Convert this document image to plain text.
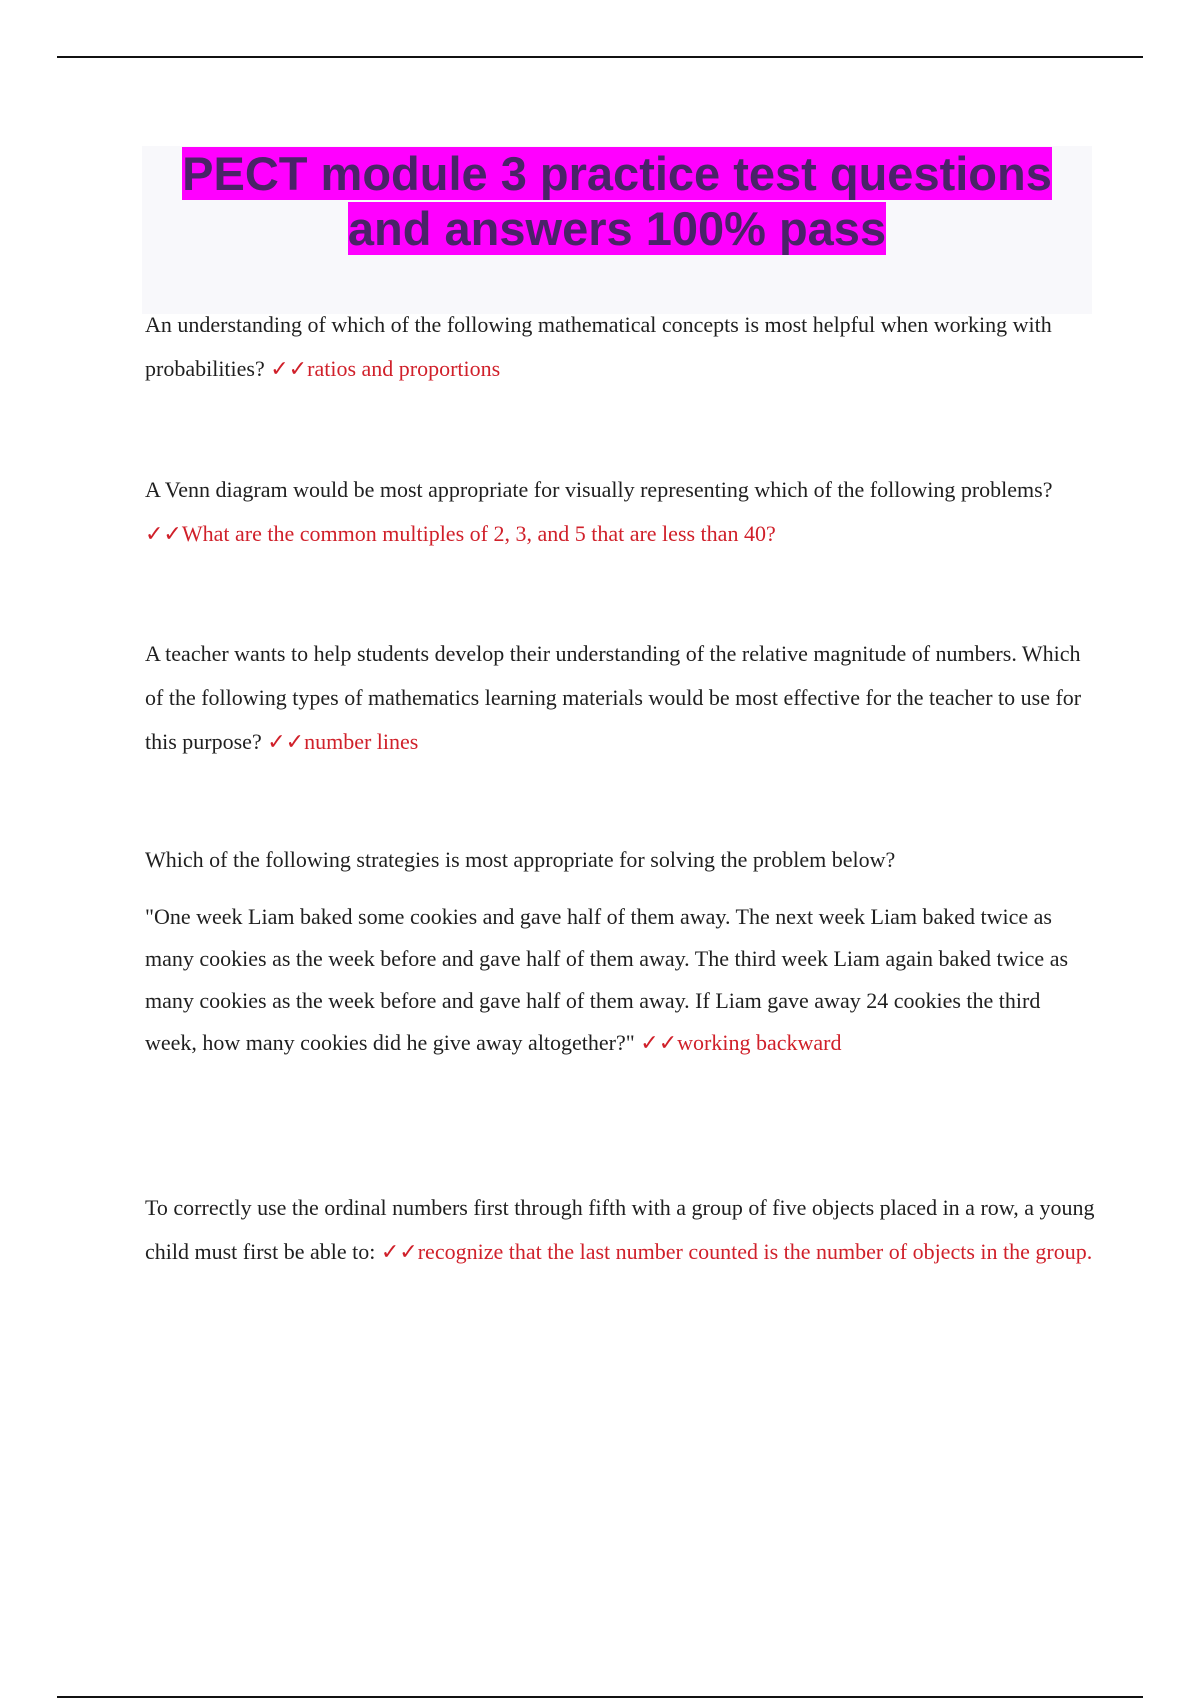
PECT module 3 practice test questions and answers 100% pass

An understanding of which of the following mathematical concepts is most helpful when working with probabilities? ✓✓ratios and proportions

A Venn diagram would be most appropriate for visually representing which of the following problems? ✓✓What are the common multiples of 2, 3, and 5 that are less than 40?

A teacher wants to help students develop their understanding of the relative magnitude of numbers. Which of the following types of mathematics learning materials would be most effective for the teacher to use for this purpose? ✓✓number lines

Which of the following strategies is most appropriate for solving the problem below?

"One week Liam baked some cookies and gave half of them away. The next week Liam baked twice as many cookies as the week before and gave half of them away. The third week Liam again baked twice as many cookies as the week before and gave half of them away. If Liam gave away 24 cookies the third week, how many cookies did he give away altogether?" ✓✓working backward

To correctly use the ordinal numbers first through fifth with a group of five objects placed in a row, a young child must first be able to: ✓✓recognize that the last number counted is the number of objects in the group.
